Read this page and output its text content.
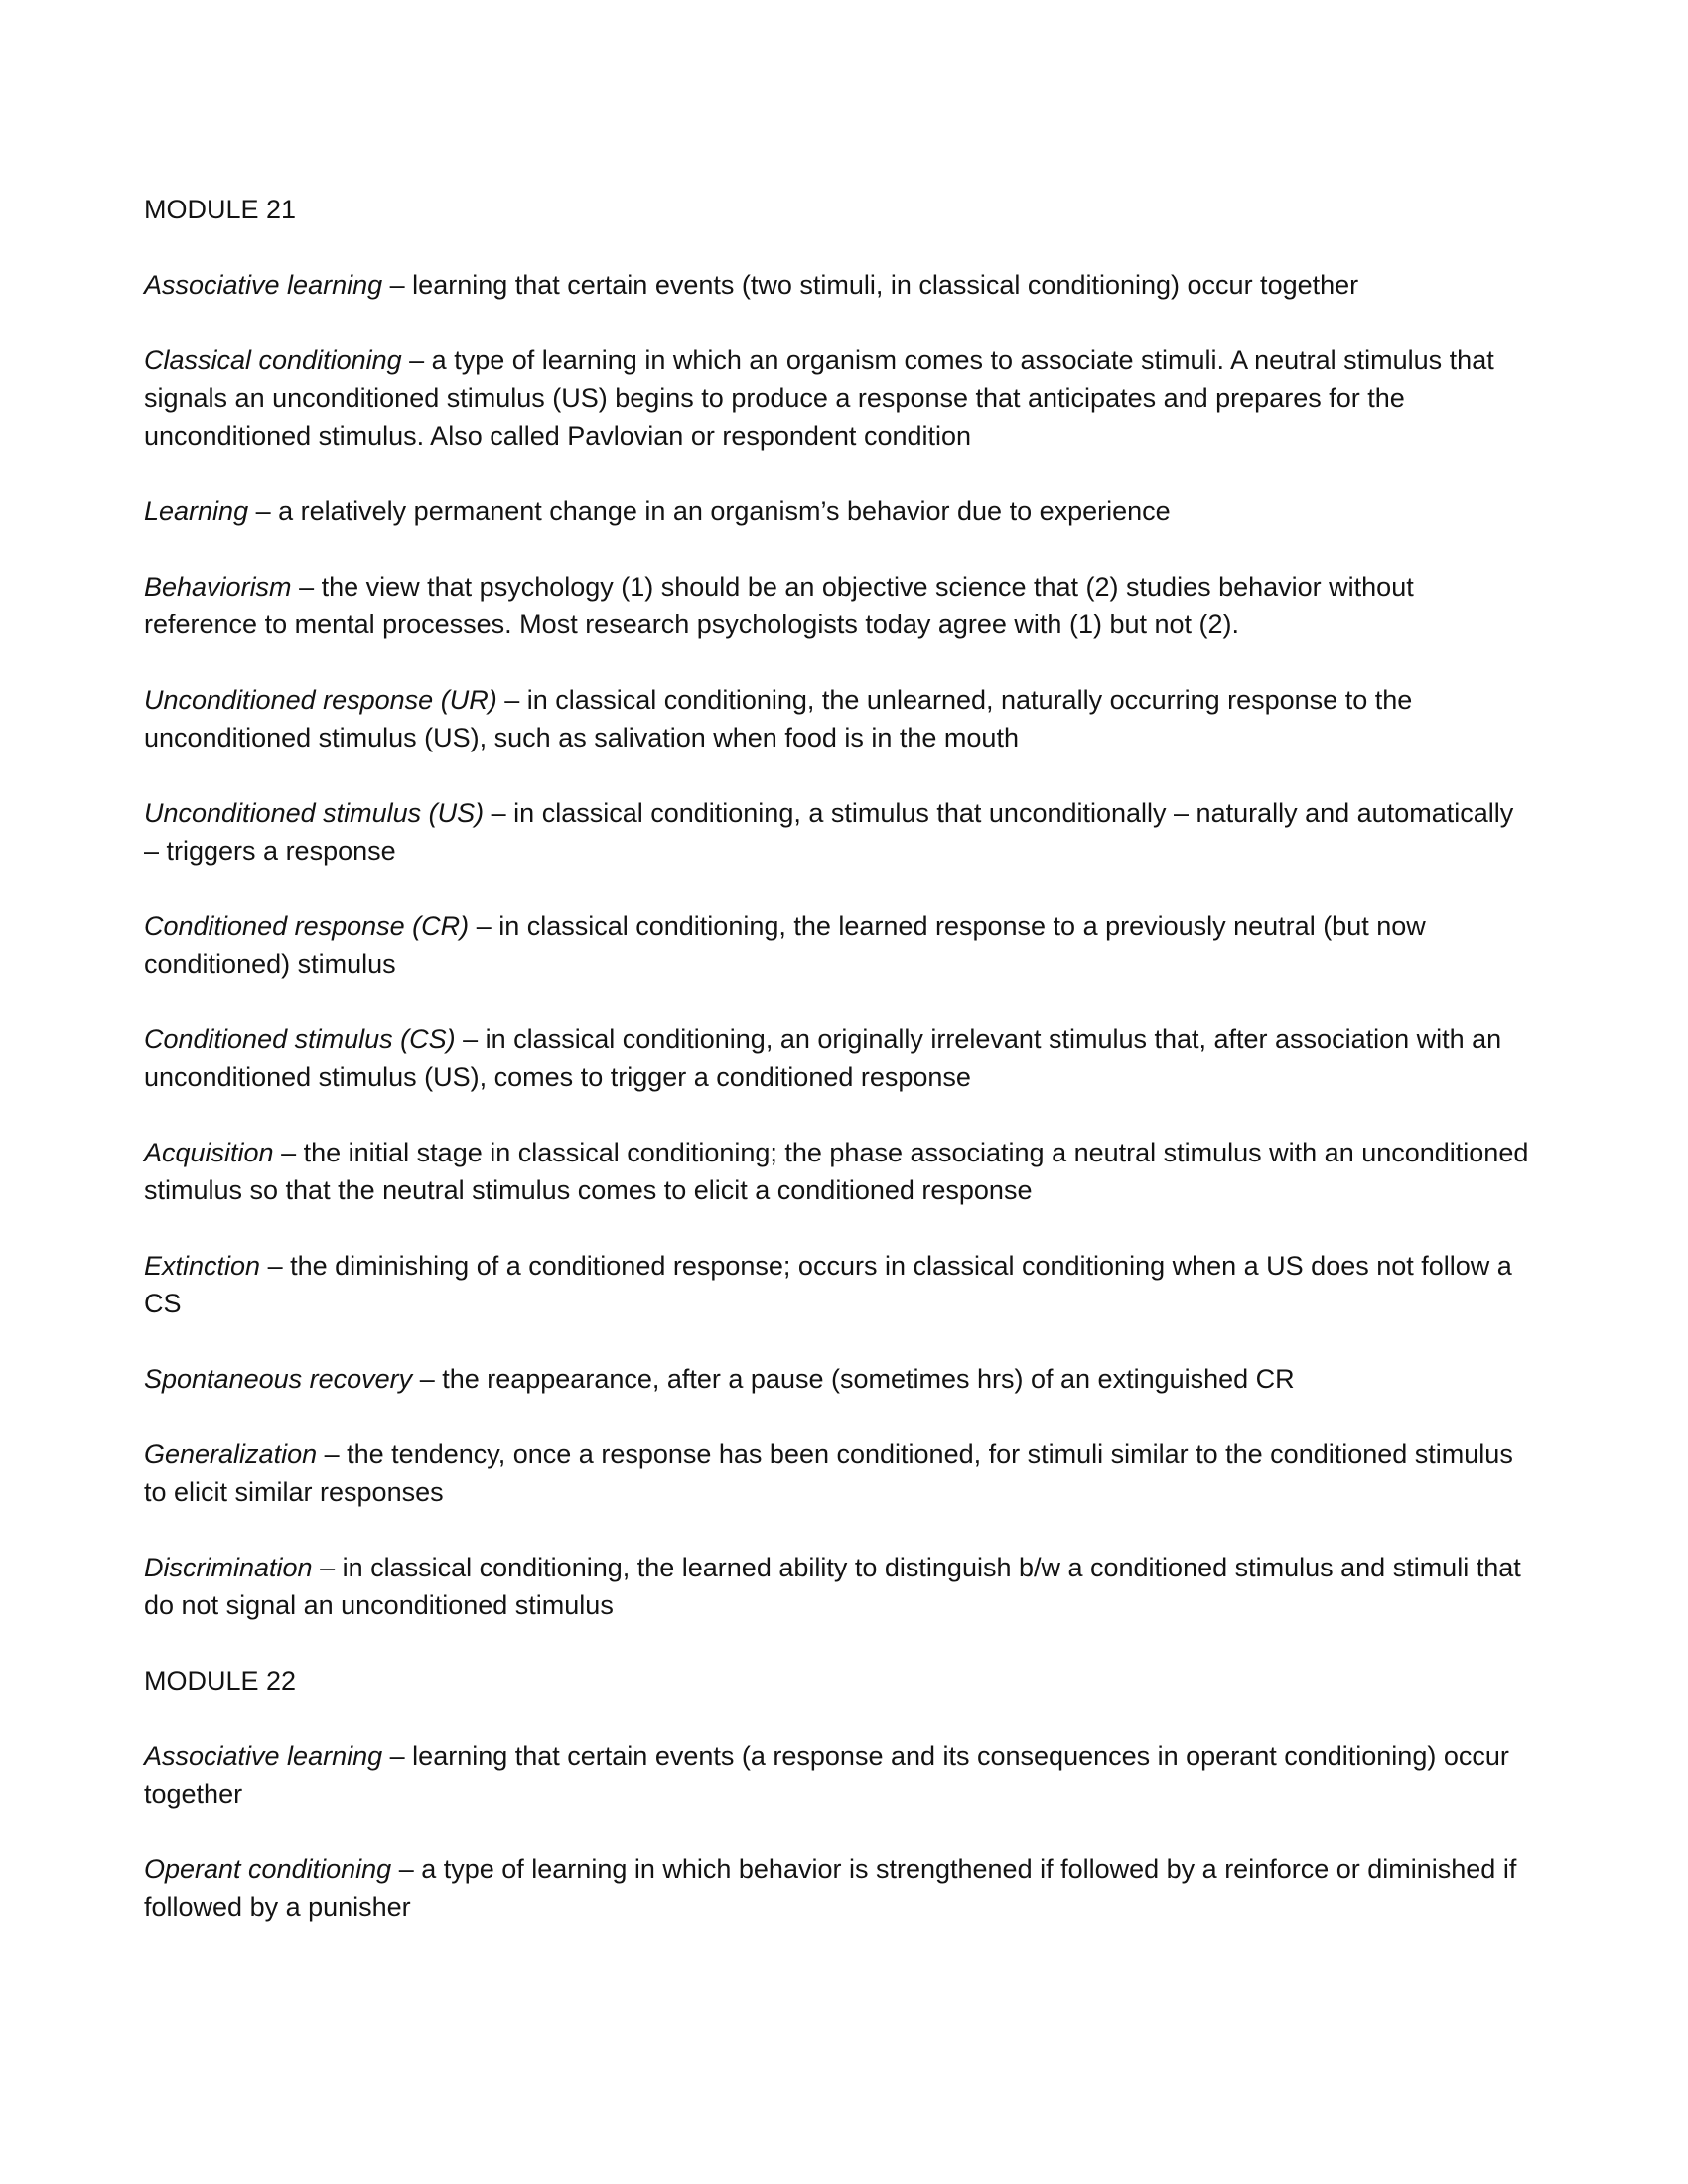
MODULE 21

Associative learning – learning that certain events (two stimuli, in classical conditioning) occur together

Classical conditioning – a type of learning in which an organism comes to associate stimuli. A neutral stimulus that signals an unconditioned stimulus (US) begins to produce a response that anticipates and prepares for the unconditioned stimulus. Also called Pavlovian or respondent condition

Learning – a relatively permanent change in an organism’s behavior due to experience

Behaviorism – the view that psychology (1) should be an objective science that (2) studies behavior without reference to mental processes. Most research psychologists today agree with (1) but not (2).

Unconditioned response (UR) – in classical conditioning, the unlearned, naturally occurring response to the unconditioned stimulus (US), such as salivation when food is in the mouth

Unconditioned stimulus (US) – in classical conditioning, a stimulus that unconditionally – naturally and automatically – triggers a response

Conditioned response (CR) – in classical conditioning, the learned response to a previously neutral (but now conditioned) stimulus

Conditioned stimulus (CS) – in classical conditioning, an originally irrelevant stimulus that, after association with an unconditioned stimulus (US), comes to trigger a conditioned response

Acquisition – the initial stage in classical conditioning; the phase associating a neutral stimulus with an unconditioned stimulus so that the neutral stimulus comes to elicit a conditioned response

Extinction – the diminishing of a conditioned response; occurs in classical conditioning when a US does not follow a CS

Spontaneous recovery – the reappearance, after a pause (sometimes hrs) of an extinguished CR

Generalization – the tendency, once a response has been conditioned, for stimuli similar to the conditioned stimulus to elicit similar responses

Discrimination – in classical conditioning, the learned ability to distinguish b/w a conditioned stimulus and stimuli that do not signal an unconditioned stimulus

MODULE 22

Associative learning – learning that certain events (a response and its consequences in operant conditioning) occur together

Operant conditioning – a type of learning in which behavior is strengthened if followed by a reinforce or diminished if followed by a punisher
